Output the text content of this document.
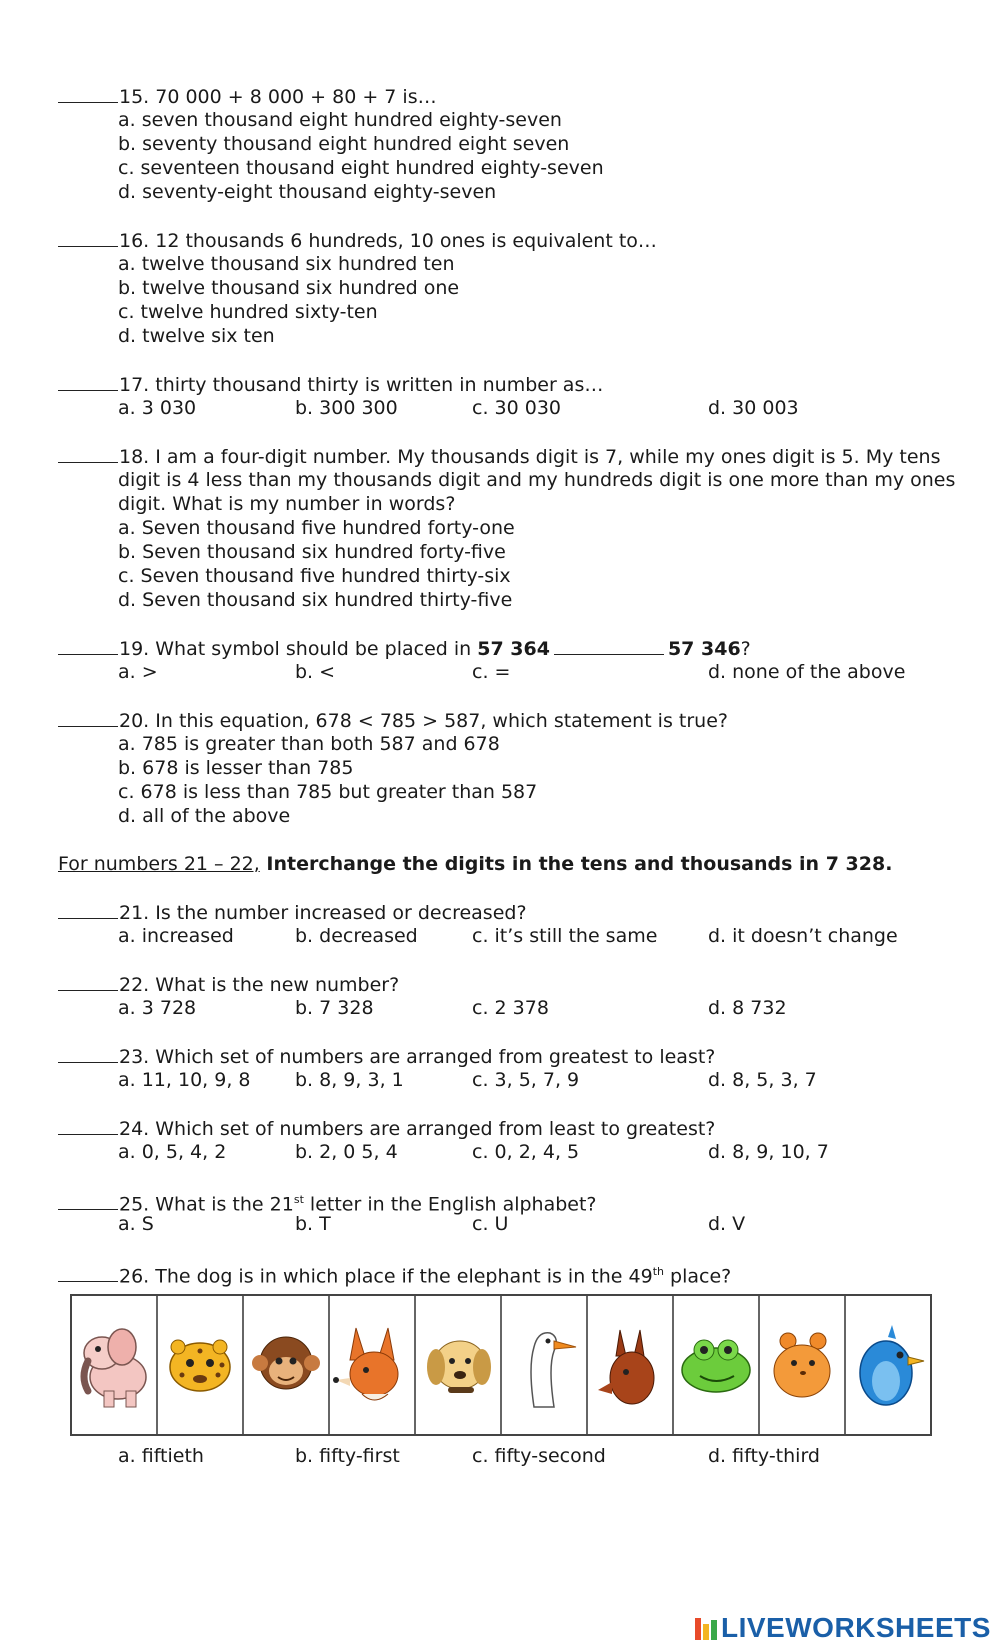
15. 70 000 + 8 000 + 80 + 7 is…
a. seven thousand eight hundred eighty-seven
b. seventy thousand eight hundred eight seven
c. seventeen thousand eight hundred eighty-seven
d. seventy-eight thousand eighty-seven
16. 12 thousands 6 hundreds, 10 ones is equivalent to…
a. twelve thousand six hundred ten
b. twelve thousand six hundred one
c. twelve hundred sixty-ten
d. twelve six ten
17. thirty thousand thirty is written in number as…
a. 3 030	b. 300 300	c. 30 030	d. 30 003
18. I am a four-digit number. My thousands digit is 7, while my ones digit is 5. My tens
digit is 4 less than my thousands digit and my hundreds digit is one more than my ones
digit. What is my number in words?
a. Seven thousand five hundred forty-one
b. Seven thousand six hundred forty-five
c. Seven thousand five hundred thirty-six
d. Seven thousand six hundred thirty-five
19. What symbol should be placed in 57 364	57 346?
a. >	b. <	c. =	d. none of the above
20. In this equation, 678 < 785 > 587, which statement is true?
a. 785 is greater than both 587 and 678
b. 678 is lesser than 785
c. 678 is less than 785 but greater than 587
d. all of the above
For numbers 21 – 22, Interchange the digits in the tens and thousands in 7 328.
21. Is the number increased or decreased?
a. increased	b. decreased	c. it’s still the same	d. it doesn’t change
22. What is the new number?
a. 3 728	b. 7 328	c. 2 378	d. 8 732
23. Which set of numbers are arranged from greatest to least?
a. 11, 10, 9, 8 b. 8, 9, 3, 1	c. 3, 5, 7, 9	d. 8, 5, 3, 7
24. Which set of numbers are arranged from least to greatest?
a. 0, 5, 4, 2	b. 2, 0 5, 4	c. 0, 2, 4, 5	d. 8, 9, 10, 7
25. What is the 21st letter in the English alphabet?
a. S	b. T	c. U	d. V
26. The dog is in which place if the elephant is in the 49th place?
a. fiftieth	b. fifty-first	c. fifty-second	d. fifty-third
LIVEWORKSHEETS
